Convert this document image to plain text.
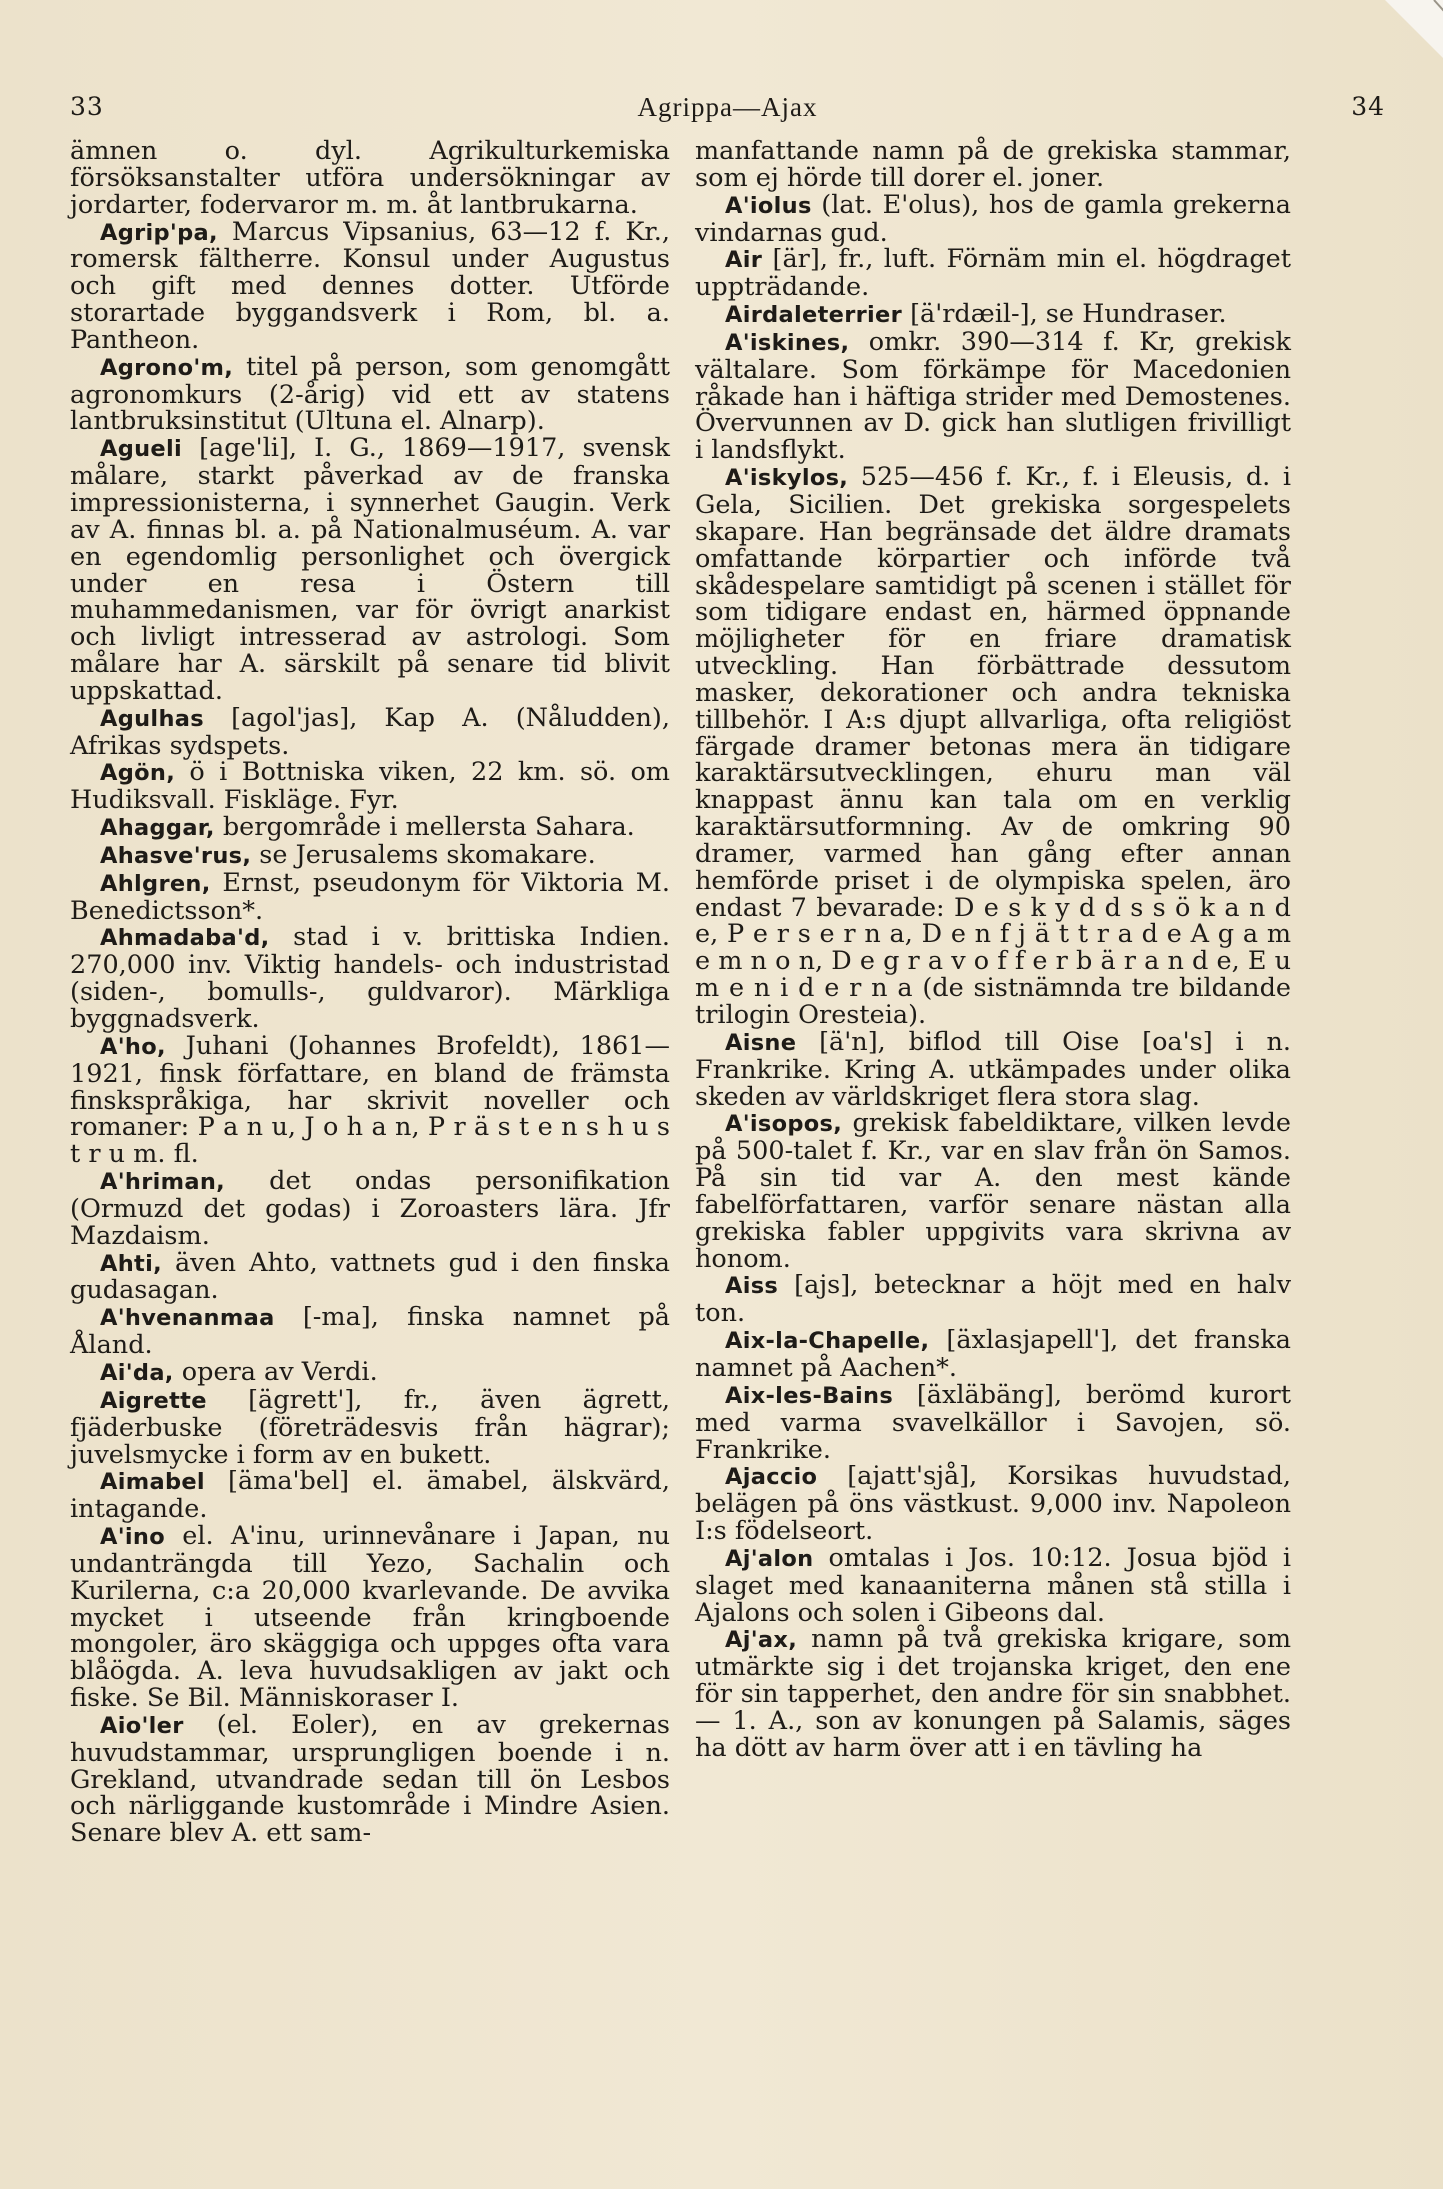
33	Agrippa—Ajax	34

ämnen o. dyl. Agrikulturkemiska försöksanstalter utföra undersökningar av jordarter, fodervaror m. m. åt lantbrukarna.

Agrip'pa, Marcus Vipsanius, 63—12 f. Kr., romersk fältherre. Konsul under Augustus och gift med dennes dotter. Utförde storartade byggandsverk i Rom, bl. a. Pantheon.

Agrono'm, titel på person, som genomgått agronomkurs (2-årig) vid ett av statens lantbruksinstitut (Ultuna el. Alnarp).

Agueli [age'li], I. G., 1869—1917, svensk målare, starkt påverkad av de franska impressionisterna, i synnerhet Gaugin. Verk av A. finnas bl. a. på Nationalmuséum. A. var en egendomlig personlighet och övergick under en resa i Östern till muhammedanismen, var för övrigt anarkist och livligt intresserad av astrologi. Som målare har A. särskilt på senare tid blivit uppskattad.

Agulhas [agol'jas], Kap A. (Nåludden), Afrikas sydspets.

Agön, ö i Bottniska viken, 22 km. sö. om Hudiksvall. Fiskläge. Fyr.

Ahaggar, bergområde i mellersta Sahara.

Ahasve'rus, se Jerusalems skomakare.

Ahlgren, Ernst, pseudonym för Viktoria M. Benedictsson*.

Ahmadaba'd, stad i v. brittiska Indien. 270,000 inv. Viktig handels- och industristad (siden-, bomulls-, guldvaror). Märkliga byggnadsverk.

A'ho, Juhani (Johannes Brofeldt), 1861—1921, finsk författare, en bland de främsta finskspråkiga, har skrivit noveller och romaner: P a n u, J o h a n, P r ä s t e n s h u s t r u m. fl.

A'hriman, det ondas personifikation (Ormuzd det godas) i Zoroasters lära. Jfr Mazdaism.

Ahti, även Ahto, vattnets gud i den finska gudasagan.

A'hvenanmaa [-ma], finska namnet på Åland.

Ai'da, opera av Verdi.

Aigrette [ägrett'], fr., även ägrett, fjäderbuske (företrädesvis från hägrar); juvelsmycke i form av en bukett.

Aimabel [äma'bel] el. ämabel, älskvärd, intagande.

A'ino el. A'inu, urinnevånare i Japan, nu undanträngda till Yezo, Sachalin och Kurilerna, c:a 20,000 kvarlevande. De avvika mycket i utseende från kringboende mongoler, äro skäggiga och uppges ofta vara blåögda. A. leva huvudsakligen av jakt och fiske. Se Bil. Människoraser I.

Aio'ler (el. Eoler), en av grekernas huvudstammar, ursprungligen boende i n. Grekland, utvandrade sedan till ön Lesbos och närliggande kustområde i Mindre Asien. Senare blev A. ett sam-

manfattande namn på de grekiska stammar, som ej hörde till dorer el. joner.

A'iolus (lat. E'olus), hos de gamla grekerna vindarnas gud.

Air [är], fr., luft. Förnäm min el. högdraget uppträdande.

Airdaleterrier [ä'rdæil-], se Hundraser.

A'iskines, omkr. 390—314 f. Kr, grekisk vältalare. Som förkämpe för Macedonien råkade han i häftiga strider med Demostenes. Övervunnen av D. gick han slutligen frivilligt i landsflykt.

A'iskylos, 525—456 f. Kr., f. i Eleusis, d. i Gela, Sicilien. Det grekiska sorgespelets skapare. Han begränsade det äldre dramats omfattande körpartier och införde två skådespelare samtidigt på scenen i stället för som tidigare endast en, härmed öppnande möjligheter för en friare dramatisk utveckling. Han förbättrade dessutom masker, dekorationer och andra tekniska tillbehör. I A:s djupt allvarliga, ofta religiöst färgade dramer betonas mera än tidigare karaktärsutvecklingen, ehuru man väl knappast ännu kan tala om en verklig karaktärsutformning. Av de omkring 90 dramer, varmed han gång efter annan hemförde priset i de olympiska spelen, äro endast 7 bevarade: D e s k y d d s s ö k a n d e, P e r s e r n a, D e n f j ä t t r a d e A g a m e m n o n, D e g r a v o f f e r b ä r a n d e, E u m e n i d e r n a (de sistnämnda tre bildande trilogin Oresteia).

Aisne [ä'n], biflod till Oise [oa's] i n. Frankrike. Kring A. utkämpades under olika skeden av världskriget flera stora slag.

A'isopos, grekisk fabeldiktare, vilken levde på 500-talet f. Kr., var en slav från ön Samos. På sin tid var A. den mest kände fabelförfattaren, varför senare nästan alla grekiska fabler uppgivits vara skrivna av honom.

Aiss [ajs], betecknar a höjt med en halv ton.

Aix-la-Chapelle, [äxlasjapell'], det franska namnet på Aachen*.

Aix-les-Bains [äxläbäng], berömd kurort med varma svavelkällor i Savojen, sö. Frankrike.

Ajaccio [ajatt'sjå], Korsikas huvudstad, belägen på öns västkust. 9,000 inv. Napoleon I:s födelseort.

Aj'alon omtalas i Jos. 10:12. Josua bjöd i slaget med kanaaniterna månen stå stilla i Ajalons och solen i Gibeons dal.

Aj'ax, namn på två grekiska krigare, som utmärkte sig i det trojanska kriget, den ene för sin tapperhet, den andre för sin snabbhet. — 1. A., son av konungen på Salamis, säges ha dött av harm över att i en tävling ha
